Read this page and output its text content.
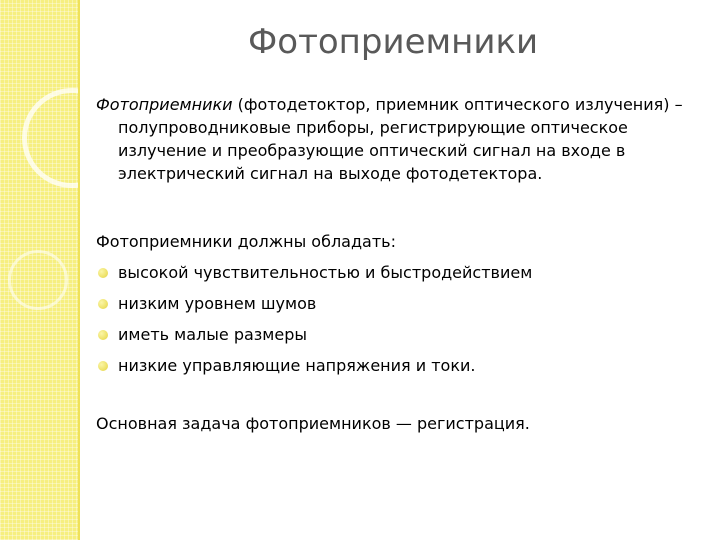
Фотоприемники
Фотоприемники (фотодетоктор, приемник оптического излучения) – полупроводниковые приборы, регистрирующие оптическое излучение и преобразующие оптический сигнал на входе в электрический сигнал на выходе фотодетектора.
Фотоприемники должны обладать:
высокой чувствительностью и быстродействием
низким уровнем шумов
иметь малые размеры
низкие управляющие напряжения и токи.
Основная задача фотоприемников — регистрация.
